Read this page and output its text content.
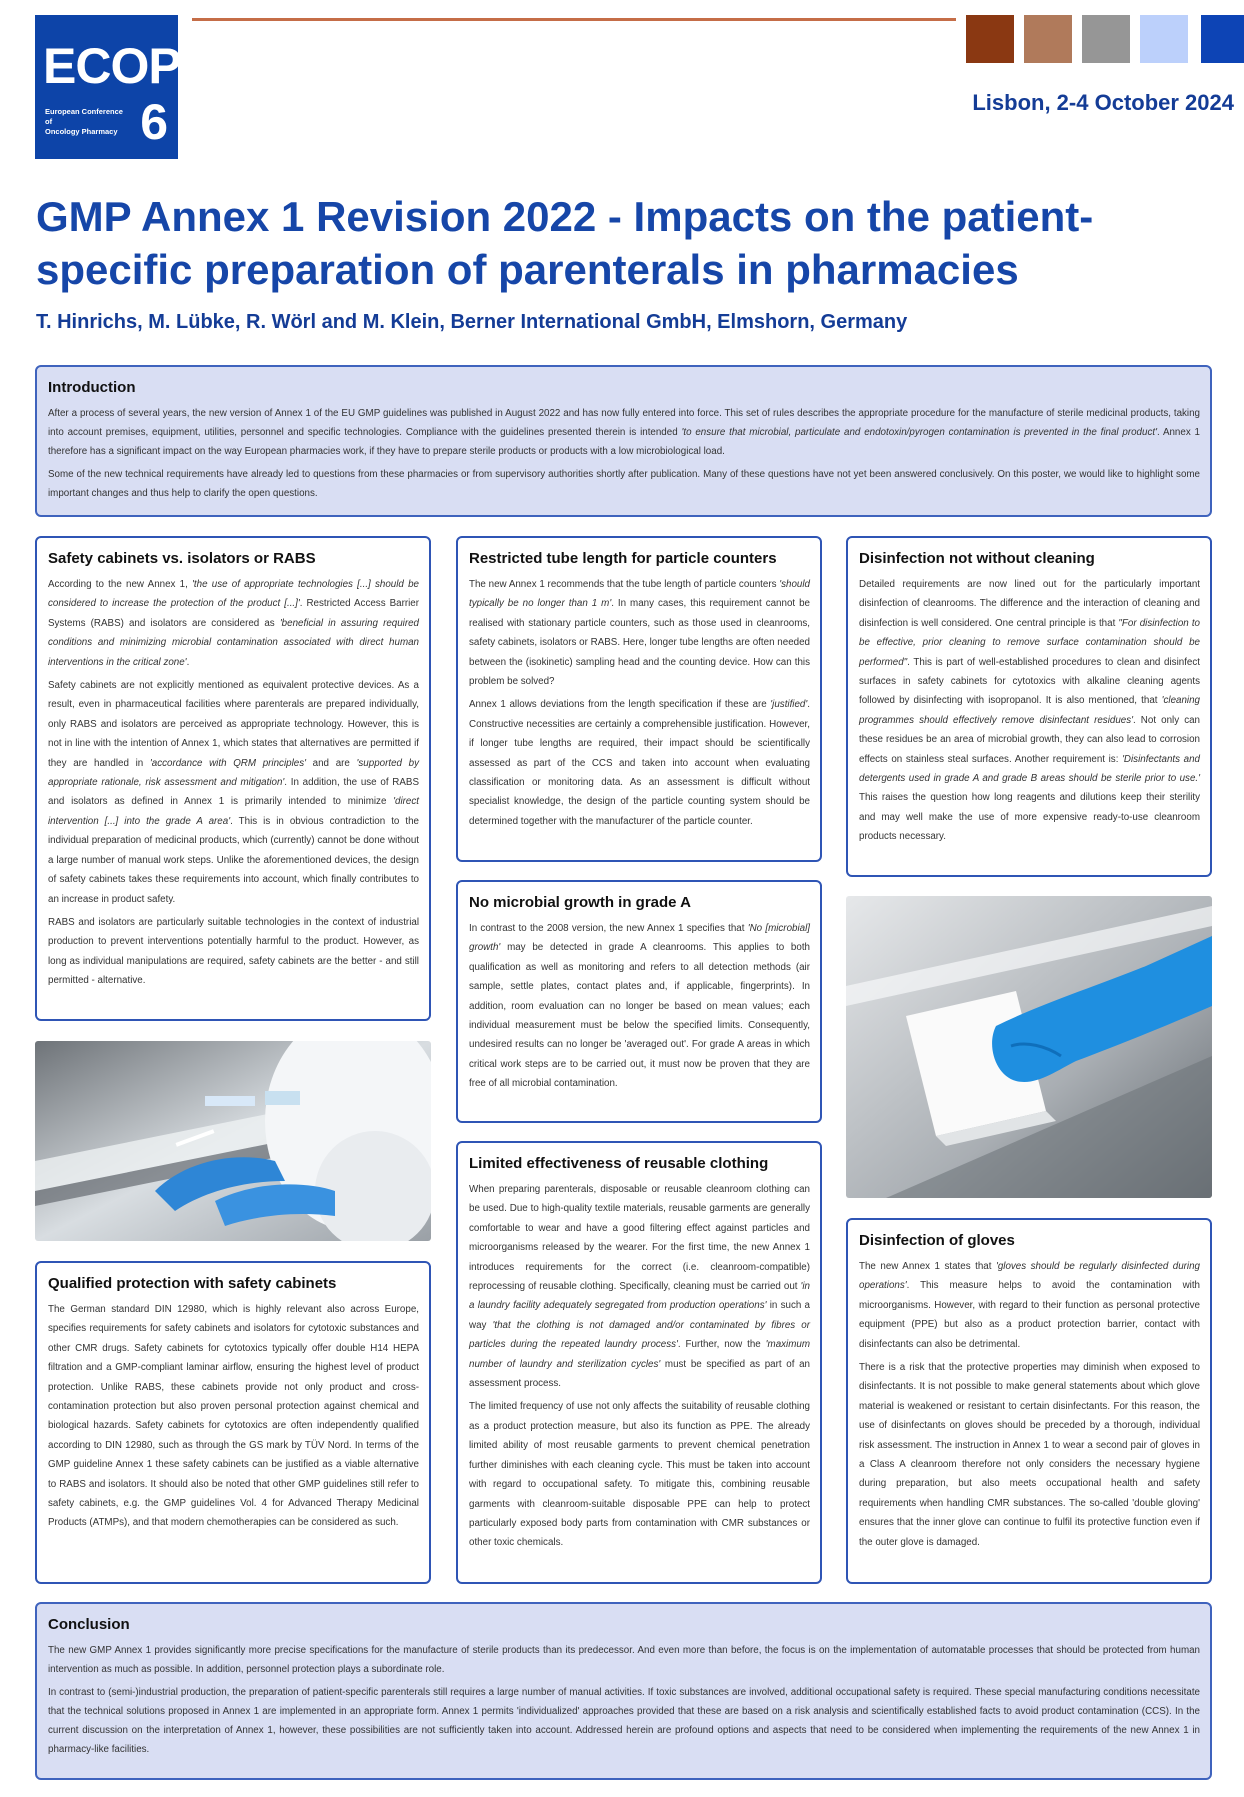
ECOP
European Conference of
Oncology Pharmacy 6	Lisbon, 2-4 October 2024
GMP Annex 1 Revision 2022 - Impacts on the patient-
specific preparation of parenterals in pharmacies

T. Hinrichs, M. Lübke, R. Wörl and M. Klein, Berner International GmbH, Elmshorn, Germany

Introduction

After a process of several years, the new version of Annex 1 of the EU GMP guidelines was published in August 2022 and has now fully entered into force. This set of rules describes the appropriate procedure for the manufacture of sterile medicinal products, taking into account premises, equipment, utilities, personnel and specific technologies. Compliance with the guidelines presented therein is intended 'to ensure that microbial, particulate and endotoxin/pyrogen contamination is prevented in the final product'. Annex 1 therefore has a significant impact on the way European pharmacies work, if they have to prepare sterile products or products with a low microbiological load.

Some of the new technical requirements have already led to questions from these pharmacies or from supervisory authorities shortly after publication. Many of these questions have not yet been answered conclusively. On this poster, we would like to highlight some important changes and thus help to clarify the open questions.

Safety cabinets vs. isolators or RABS

According to the new Annex 1, 'the use of appropriate technologies [...] should be considered to increase the protection of the product [...]'. Restricted Access Barrier Systems (RABS) and isolators are considered as 'beneficial in assuring required conditions and minimizing microbial contamination associated with direct human interventions in the critical zone'.

Safety cabinets are not explicitly mentioned as equivalent protective devices. As a result, even in pharmaceutical facilities where parenterals are prepared individually, only RABS and isolators are perceived as appropriate technology. However, this is not in line with the intention of Annex 1, which states that alternatives are permitted if they are handled in 'accordance with QRM principles' and are 'supported by appropriate rationale, risk assessment and mitigation'. In addition, the use of RABS and isolators as defined in Annex 1 is primarily intended to minimize 'direct intervention [...] into the grade A area'. This is in obvious contradiction to the individual preparation of medicinal products, which (currently) cannot be done without a large number of manual work steps. Unlike the aforementioned devices, the design of safety cabinets takes these requirements into account, which finally contributes to an increase in product safety.

RABS and isolators are particularly suitable technologies in the context of industrial production to prevent interventions potentially harmful to the product. However, as long as individual manipulations are required, safety cabinets are the better - and still permitted - alternative.

Qualified protection with safety cabinets

The German standard DIN 12980, which is highly relevant also across Europe, specifies requirements for safety cabinets and isolators for cytotoxic substances and other CMR drugs. Safety cabinets for cytotoxics typically offer double H14 HEPA filtration and a GMP-compliant laminar airflow, ensuring the highest level of product protection. Unlike RABS, these cabinets provide not only product and cross-contamination protection but also proven personal protection against chemical and biological hazards. Safety cabinets for cytotoxics are often independently qualified according to DIN 12980, such as through the GS mark by TÜV Nord. In terms of the GMP guideline Annex 1 these safety cabinets can be justified as a viable alternative to RABS and isolators. It should also be noted that other GMP guidelines still refer to safety cabinets, e.g. the GMP guidelines Vol. 4 for Advanced Therapy Medicinal Products (ATMPs), and that modern chemotherapies can be considered as such.

Restricted tube length for particle counters

The new Annex 1 recommends that the tube length of particle counters 'should typically be no longer than 1 m'. In many cases, this requirement cannot be realised with stationary particle counters, such as those used in cleanrooms, safety cabinets, isolators or RABS. Here, longer tube lengths are often needed between the (isokinetic) sampling head and the counting device. How can this problem be solved?

Annex 1 allows deviations from the length specification if these are 'justified'. Constructive necessities are certainly a comprehensible justification. However, if longer tube lengths are required, their impact should be scientifically assessed as part of the CCS and taken into account when evaluating classification or monitoring data. As an assessment is difficult without specialist knowledge, the design of the particle counting system should be determined together with the manufacturer of the particle counter.

No microbial growth in grade A

In contrast to the 2008 version, the new Annex 1 specifies that 'No [microbial] growth' may be detected in grade A cleanrooms. This applies to both qualification as well as monitoring and refers to all detection methods (air sample, settle plates, contact plates and, if applicable, fingerprints). In addition, room evaluation can no longer be based on mean values; each individual measurement must be below the specified limits. Consequently, undesired results can no longer be 'averaged out'. For grade A areas in which critical work steps are to be carried out, it must now be proven that they are free of all microbial contamination.

Limited effectiveness of reusable clothing

When preparing parenterals, disposable or reusable cleanroom clothing can be used. Due to high-quality textile materials, reusable garments are generally comfortable to wear and have a good filtering effect against particles and microorganisms released by the wearer. For the first time, the new Annex 1 introduces requirements for the correct (i.e. cleanroom-compatible) reprocessing of reusable clothing. Specifically, cleaning must be carried out 'in a laundry facility adequately segregated from production operations' in such a way 'that the clothing is not damaged and/or contaminated by fibres or particles during the repeated laundry process'. Further, now the 'maximum number of laundry and sterilization cycles' must be specified as part of an assessment process.

The limited frequency of use not only affects the suitability of reusable clothing as a product protection measure, but also its function as PPE. The already limited ability of most reusable garments to prevent chemical penetration further diminishes with each cleaning cycle. This must be taken into account with regard to occupational safety. To mitigate this, combining reusable garments with cleanroom-suitable disposable PPE can help to protect particularly exposed body parts from contamination with CMR substances or other toxic chemicals.

Disinfection not without cleaning

Detailed requirements are now lined out for the particularly important disinfection of cleanrooms. The difference and the interaction of cleaning and disinfection is well considered. One central principle is that "For disinfection to be effective, prior cleaning to remove surface contamination should be performed". This is part of well-established procedures to clean and disinfect surfaces in safety cabinets for cytotoxics with alkaline cleaning agents followed by disinfecting with isopropanol. It is also mentioned, that 'cleaning programmes should effectively remove disinfectant residues'. Not only can these residues be an area of microbial growth, they can also lead to corrosion effects on stainless steal surfaces. Another requirement is: 'Disinfectants and detergents used in grade A and grade B areas should be sterile prior to use.' This raises the question how long reagents and dilutions keep their sterility and may well make the use of more expensive ready-to-use cleanroom products necessary.

Disinfection of gloves

The new Annex 1 states that 'gloves should be regularly disinfected during operations'. This measure helps to avoid the contamination with microorganisms. However, with regard to their function as personal protective equipment (PPE) but also as a product protection barrier, contact with disinfectants can also be detrimental.

There is a risk that the protective properties may diminish when exposed to disinfectants. It is not possible to make general statements about which glove material is weakened or resistant to certain disinfectants. For this reason, the use of disinfectants on gloves should be preceded by a thorough, individual risk assessment. The instruction in Annex 1 to wear a second pair of gloves in a Class A cleanroom therefore not only considers the necessary hygiene during preparation, but also meets occupational health and safety requirements when handling CMR substances. The so-called 'double gloving' ensures that the inner glove can continue to fulfil its protective function even if the outer glove is damaged.

Conclusion

The new GMP Annex 1 provides significantly more precise specifications for the manufacture of sterile products than its predecessor. And even more than before, the focus is on the implementation of automatable processes that should be protected from human intervention as much as possible. In addition, personnel protection plays a subordinate role.

In contrast to (semi-)industrial production, the preparation of patient-specific parenterals still requires a large number of manual activities. If toxic substances are involved, additional occupational safety is required. These special manufacturing conditions necessitate that the technical solutions proposed in Annex 1 are implemented in an appropriate form. Annex 1 permits 'individualized' approaches provided that these are based on a risk analysis and scientifically established facts to avoid product contamination (CCS). In the current discussion on the interpretation of Annex 1, however, these possibilities are not sufficiently taken into account. Addressed herein are profound options and aspects that need to be considered when implementing the requirements of the new Annex 1 in pharmacy-like facilities.
